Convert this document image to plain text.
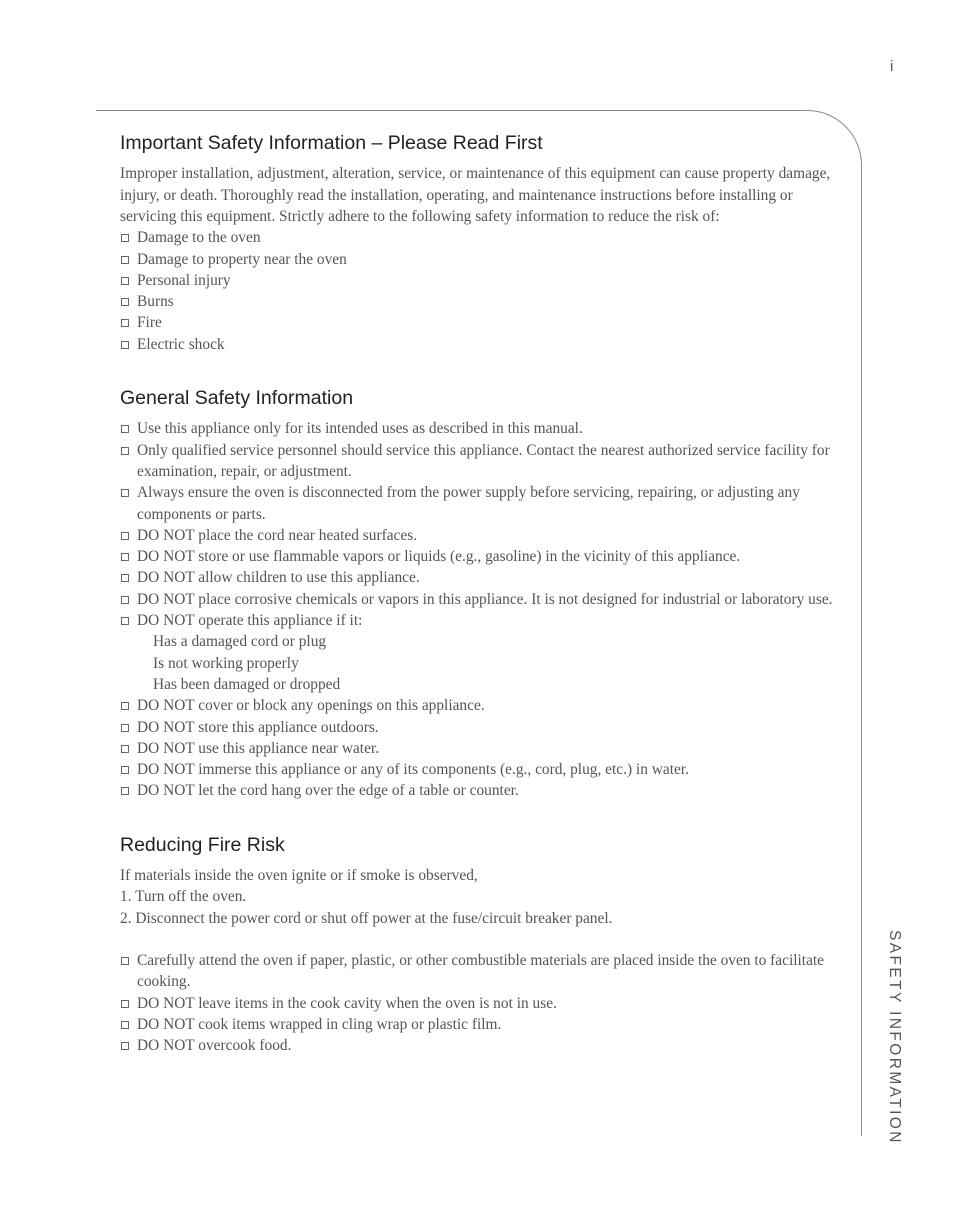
i
SAFETY INFORMATION
Important Safety Information – Please Read First

Improper installation, adjustment, alteration, service, or maintenance of this equipment can cause property damage, injury, or death. Thoroughly read the installation, operating, and maintenance instructions before installing or servicing this equipment. Strictly adhere to the following safety information to reduce the risk of:

Damage to the oven
Damage to property near the oven
Personal injury
Burns
Fire
Electric shock
General Safety Information
Use this appliance only for its intended uses as described in this manual.
Only qualified service personnel should service this appliance. Contact the nearest authorized service facility for examination, repair, or adjustment.
Always ensure the oven is disconnected from the power supply before servicing, repairing, or adjusting any components or parts.
DO NOT place the cord near heated surfaces.
DO NOT store or use flammable vapors or liquids (e.g., gasoline) in the vicinity of this appliance.
DO NOT allow children to use this appliance.
DO NOT place corrosive chemicals or vapors in this appliance. It is not designed for industrial or laboratory use.
DO NOT operate this appliance if it:
Has a damaged cord or plug
Is not working properly
Has been damaged or dropped
DO NOT cover or block any openings on this appliance.
DO NOT store this appliance outdoors.
DO NOT use this appliance near water.
DO NOT immerse this appliance or any of its components (e.g., cord, plug, etc.) in water.
DO NOT let the cord hang over the edge of a table or counter.
Reducing Fire Risk

If materials inside the oven ignite or if smoke is observed,

1. Turn off the oven.
2. Disconnect the power cord or shut off power at the fuse/circuit breaker panel.
Carefully attend the oven if paper, plastic, or other combustible materials are placed inside the oven to facilitate cooking.
DO NOT leave items in the cook cavity when the oven is not in use.
DO NOT cook items wrapped in cling wrap or plastic film.
DO NOT overcook food.
